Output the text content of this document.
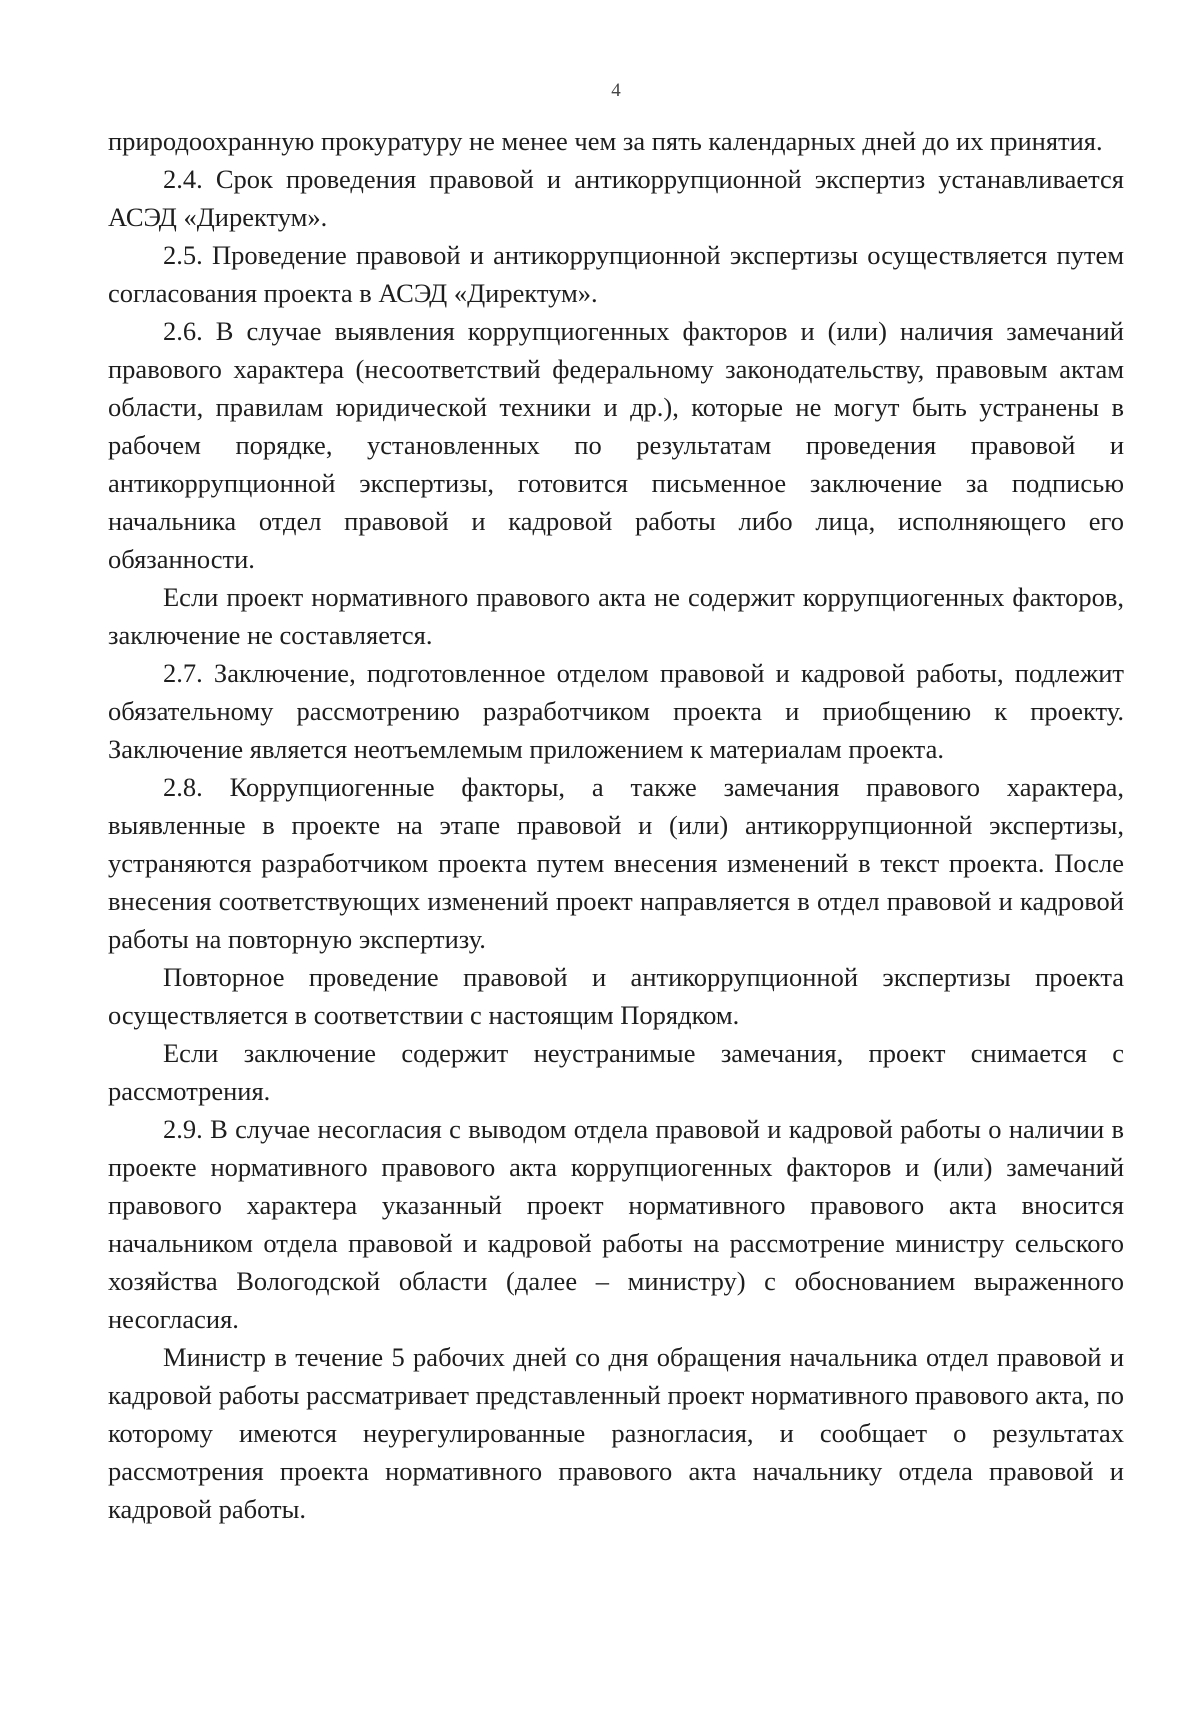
4

природоохранную прокуратуру не менее чем за пять календарных дней до их принятия.

2.4. Срок проведения правовой и антикоррупционной экспертиз устанавливается АСЭД «Директум».

2.5. Проведение правовой и антикоррупционной экспертизы осуществляется путем согласования проекта в АСЭД «Директум».

2.6. В случае выявления коррупциогенных факторов и (или) наличия замечаний правового характера (несоответствий федеральному законодательству, правовым актам области, правилам юридической техники и др.), которые не могут быть устранены в рабочем порядке, установленных по результатам проведения правовой и антикоррупционной экспертизы, готовится письменное заключение за подписью начальника отдел правовой и кадровой работы либо лица, исполняющего его обязанности.

Если проект нормативного правового акта не содержит коррупциогенных факторов, заключение не составляется.

2.7. Заключение, подготовленное отделом правовой и кадровой работы, подлежит обязательному рассмотрению разработчиком проекта и приобщению к проекту. Заключение является неотъемлемым приложением к материалам проекта.

2.8. Коррупциогенные факторы, а также замечания правового характера, выявленные в проекте на этапе правовой и (или) антикоррупционной экспертизы, устраняются разработчиком проекта путем внесения изменений в текст проекта. После внесения соответствующих изменений проект направляется в отдел правовой и кадровой работы на повторную экспертизу.

Повторное проведение правовой и антикоррупционной экспертизы проекта осуществляется в соответствии с настоящим Порядком.

Если заключение содержит неустранимые замечания, проект снимается с рассмотрения.

2.9. В случае несогласия с выводом отдела правовой и кадровой работы о наличии в проекте нормативного правового акта коррупциогенных факторов и (или) замечаний правового характера указанный проект нормативного правового акта вносится начальником отдела правовой и кадровой работы на рассмотрение министру сельского хозяйства Вологодской области (далее – министру) с обоснованием выраженного несогласия.

Министр в течение 5 рабочих дней со дня обращения начальника отдел правовой и кадровой работы рассматривает представленный проект нормативного правового акта, по которому имеются неурегулированные разногласия, и сообщает о результатах рассмотрения проекта нормативного правового акта начальнику отдела правовой и кадровой работы.
